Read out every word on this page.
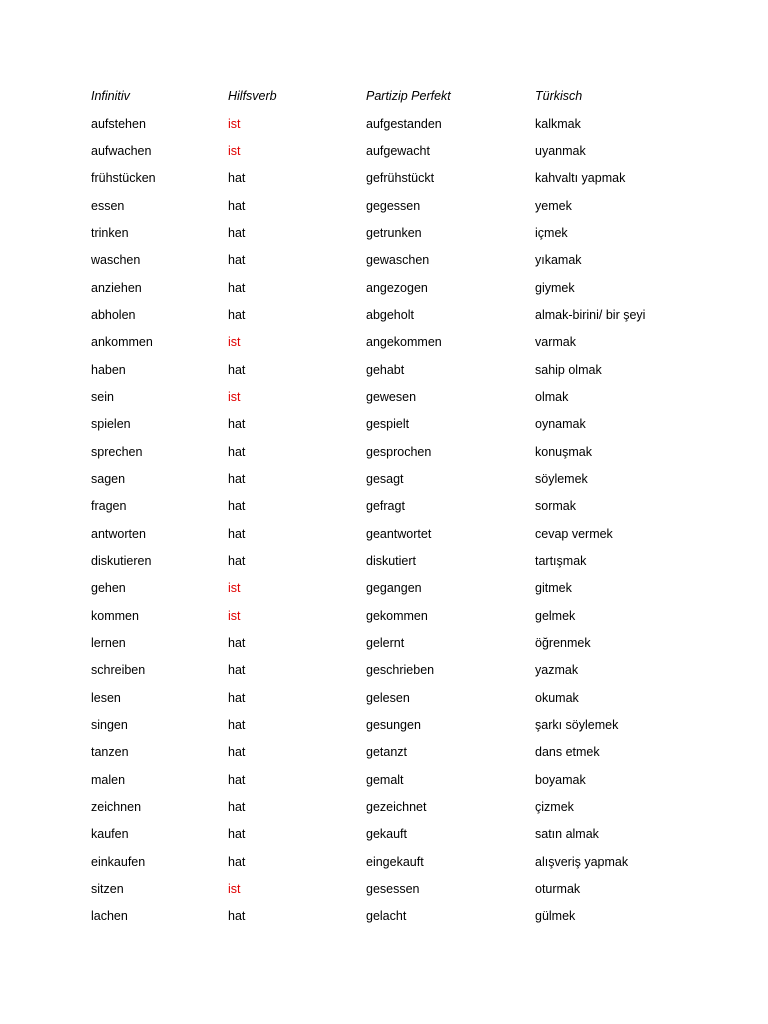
Infinitiv	Hilfsverb	Partizip Perfekt	Türkisch
aufstehen	ist	aufgestanden	kalkmak
aufwachen	ist	aufgewacht	uyanmak
frühstücken	hat	gefrühstückt	kahvaltı yapmak
essen	hat	gegessen	yemek
trinken	hat	getrunken	içmek
waschen	hat	gewaschen	yıkamak
anziehen	hat	angezogen	giymek
abholen	hat	abgeholt	almak-birini/ bir şeyi
ankommen	ist	angekommen	varmak
haben	hat	gehabt	sahip olmak
sein	ist	gewesen	olmak
spielen	hat	gespielt	oynamak
sprechen	hat	gesprochen	konuşmak
sagen	hat	gesagt	söylemek
fragen	hat	gefragt	sormak
antworten	hat	geantwortet	cevap vermek
diskutieren	hat	diskutiert	tartışmak
gehen	ist	gegangen	gitmek
kommen	ist	gekommen	gelmek
lernen	hat	gelernt	öğrenmek
schreiben	hat	geschrieben	yazmak
lesen	hat	gelesen	okumak
singen	hat	gesungen	şarkı söylemek
tanzen	hat	getanzt	dans etmek
malen	hat	gemalt	boyamak
zeichnen	hat	gezeichnet	çizmek
kaufen	hat	gekauft	satın almak
einkaufen	hat	eingekauft	alışveriş yapmak
sitzen	ist	gesessen	oturmak
lachen	hat	gelacht	gülmek
